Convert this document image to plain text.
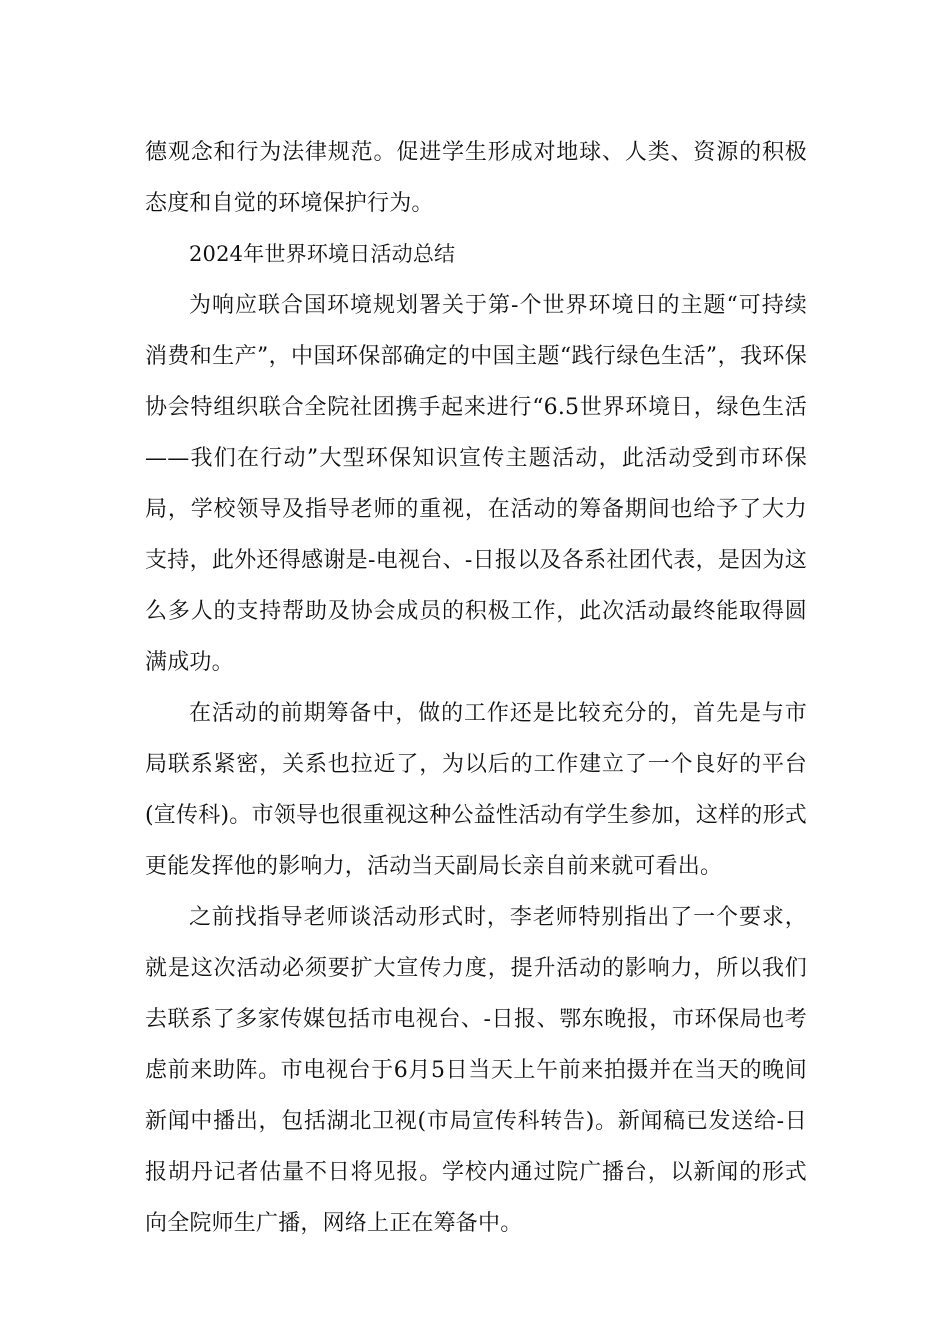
德观念和行为法律规范。促进学生形成对地球、人类、资源的积极态度和自觉的环境保护行为。

2024年世界环境日活动总结

为响应联合国环境规划署关于第-个世界环境日的主题“可持续消费和生产”，中国环保部确定的中国主题“践行绿色生活”，我环保协会特组织联合全院社团携手起来进行“6.5世界环境日，绿色生活——我们在行动”大型环保知识宣传主题活动，此活动受到市环保局，学校领导及指导老师的重视，在活动的筹备期间也给予了大力支持，此外还得感谢是-电视台、-日报以及各系社团代表，是因为这么多人的支持帮助及协会成员的积极工作，此次活动最终能取得圆满成功。

在活动的前期筹备中，做的工作还是比较充分的，首先是与市局联系紧密，关系也拉近了，为以后的工作建立了一个良好的平台(宣传科)。市领导也很重视这种公益性活动有学生参加，这样的形式更能发挥他的影响力，活动当天副局长亲自前来就可看出。

之前找指导老师谈活动形式时，李老师特别指出了一个要求，就是这次活动必须要扩大宣传力度，提升活动的影响力，所以我们去联系了多家传媒包括市电视台、-日报、鄂东晚报，市环保局也考虑前来助阵。市电视台于6月5日当天上午前来拍摄并在当天的晚间新闻中播出，包括湖北卫视(市局宣传科转告)。新闻稿已发送给-日报胡丹记者估量不日将见报。学校内通过院广播台，以新闻的形式向全院师生广播，网络上正在筹备中。
